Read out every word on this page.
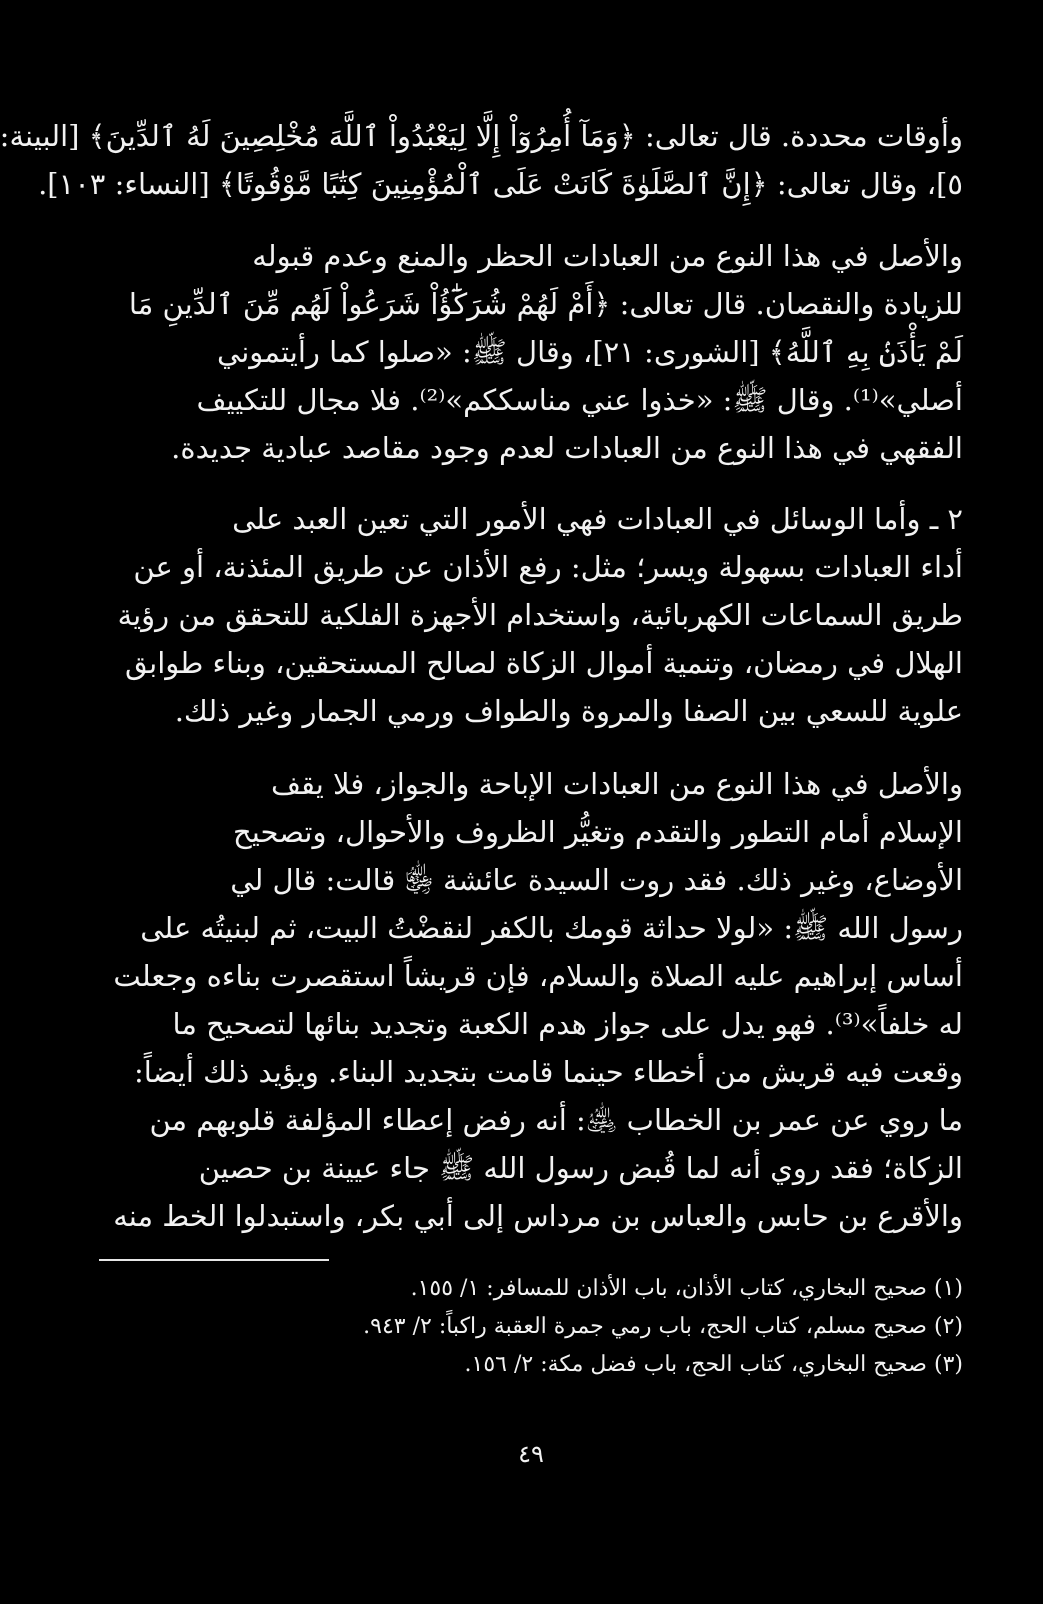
وأوقات محددة. قال تعالى: ﴿وَمَآ أُمِرُوٓاْ إِلَّا لِيَعْبُدُواْ ٱللَّهَ مُخْلِصِينَ لَهُ ٱلدِّينَ﴾ [البينة:
٥]، وقال تعالى: ﴿إِنَّ ٱلصَّلَوٰةَ كَانَتْ عَلَى ٱلْمُؤْمِنِينَ كِتَٰبًا مَّوْقُوتًا﴾ [النساء: ١٠٣].
والأصل في هذا النوع من العبادات الحظر والمنع وعدم قبوله
للزيادة والنقصان. قال تعالى: ﴿أَمْ لَهُمْ شُرَكَٰٓؤُاْ شَرَعُواْ لَهُم مِّنَ ٱلدِّينِ مَا
لَمْ يَأْذَنۢ بِهِ ٱللَّهُ﴾ [الشورى: ٢١]، وقال ﷺ: «صلوا كما رأيتموني
أصلي»⁽¹⁾. وقال ﷺ: «خذوا عني مناسككم»⁽²⁾. فلا مجال للتكييف
الفقهي في هذا النوع من العبادات لعدم وجود مقاصد عبادية جديدة.
٢ ـ وأما الوسائل في العبادات فهي الأمور التي تعين العبد على
أداء العبادات بسهولة ويسر؛ مثل: رفع الأذان عن طريق المئذنة، أو عن
طريق السماعات الكهربائية، واستخدام الأجهزة الفلكية للتحقق من رؤية
الهلال في رمضان، وتنمية أموال الزكاة لصالح المستحقين، وبناء طوابق
علوية للسعي بين الصفا والمروة والطواف ورمي الجمار وغير ذلك.
والأصل في هذا النوع من العبادات الإباحة والجواز، فلا يقف
الإسلام أمام التطور والتقدم وتغيُّر الظروف والأحوال، وتصحيح
الأوضاع، وغير ذلك. فقد روت السيدة عائشة ﵂ قالت: قال لي
رسول الله ﷺ: «لولا حداثة قومك بالكفر لنقضْتُ البيت، ثم لبنيتُه على
أساس إبراهيم عليه الصلاة والسلام، فإن قريشاً استقصرت بناءه وجعلت
له خلفاً»⁽³⁾. فهو يدل على جواز هدم الكعبة وتجديد بنائها لتصحيح ما
وقعت فيه قريش من أخطاء حينما قامت بتجديد البناء. ويؤيد ذلك أيضاً:
ما روي عن عمر بن الخطاب ﵁: أنه رفض إعطاء المؤلفة قلوبهم من
الزكاة؛ فقد روي أنه لما قُبض رسول الله ﷺ جاء عيينة بن حصين
والأقرع بن حابس والعباس بن مرداس إلى أبي بكر، واستبدلوا الخط منه
(١) صحيح البخاري، كتاب الأذان، باب الأذان للمسافر: ١/ ١٥٥.
(٢) صحيح مسلم، كتاب الحج، باب رمي جمرة العقبة راكباً: ٢/ ٩٤٣.
(٣) صحيح البخاري، كتاب الحج، باب فضل مكة: ٢/ ١٥٦.
٤٩
